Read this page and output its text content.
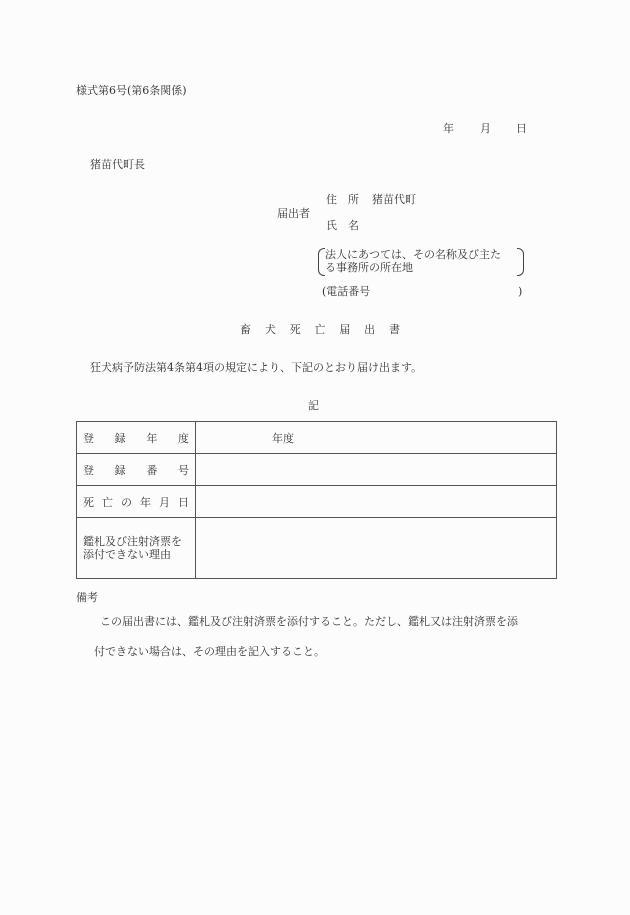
様式第6号(第6条関係)
年 月 日
猪苗代町長
届出者
住　所 猪苗代町
氏　名
法人にあつては、その名称及び主た
る事務所の所在地
(電話番号	)
畜 犬 死 亡 届 出 書
狂犬病予防法第4条第4項の規定により、下記のとおり届け出ます。
記
登 録 年 度	年度

登 録 番 号	

死 亡 の 年 月 日

鑑札及び注射済票を添付できない理由	
備考
この届出書には、鑑札及び注射済票を添付すること。ただし、鑑札又は注射済票を添
付できない場合は、その理由を記入すること。
